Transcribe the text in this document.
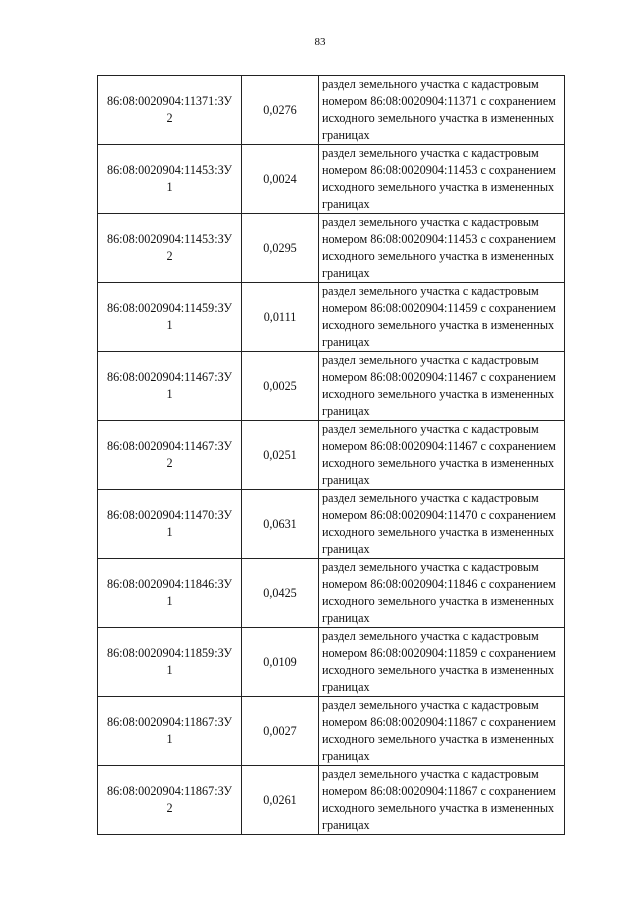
83
86:08:0020904:11371:ЗУ
2	0,0276	раздел земельного участка с кадастровым номером 86:08:0020904:11371 с сохранением исходного земельного участка в измененных границах

86:08:0020904:11453:ЗУ
1	0,0024	раздел земельного участка с кадастровым номером 86:08:0020904:11453 с сохранением исходного земельного участка в измененных границах

86:08:0020904:11453:ЗУ
2	0,0295	раздел земельного участка с кадастровым номером 86:08:0020904:11453 с сохранением исходного земельного участка в измененных границах

86:08:0020904:11459:ЗУ
1	0,0111	раздел земельного участка с кадастровым номером 86:08:0020904:11459 с сохранением исходного земельного участка в измененных границах

86:08:0020904:11467:ЗУ
1	0,0025	раздел земельного участка с кадастровым номером 86:08:0020904:11467 с сохранением исходного земельного участка в измененных границах

86:08:0020904:11467:ЗУ
2	0,0251	раздел земельного участка с кадастровым номером 86:08:0020904:11467 с сохранением исходного земельного участка в измененных границах

86:08:0020904:11470:ЗУ
1	0,0631	раздел земельного участка с кадастровым номером 86:08:0020904:11470 с сохранением исходного земельного участка в измененных границах

86:08:0020904:11846:ЗУ
1	0,0425	раздел земельного участка с кадастровым номером 86:08:0020904:11846 с сохранением исходного земельного участка в измененных границах

86:08:0020904:11859:ЗУ
1	0,0109	раздел земельного участка с кадастровым номером 86:08:0020904:11859 с сохранением исходного земельного участка в измененных границах

86:08:0020904:11867:ЗУ
1	0,0027	раздел земельного участка с кадастровым номером 86:08:0020904:11867 с сохранением исходного земельного участка в измененных границах

86:08:0020904:11867:ЗУ
2	0,0261	раздел земельного участка с кадастровым номером 86:08:0020904:11867 с сохранением исходного земельного участка в измененных границах
